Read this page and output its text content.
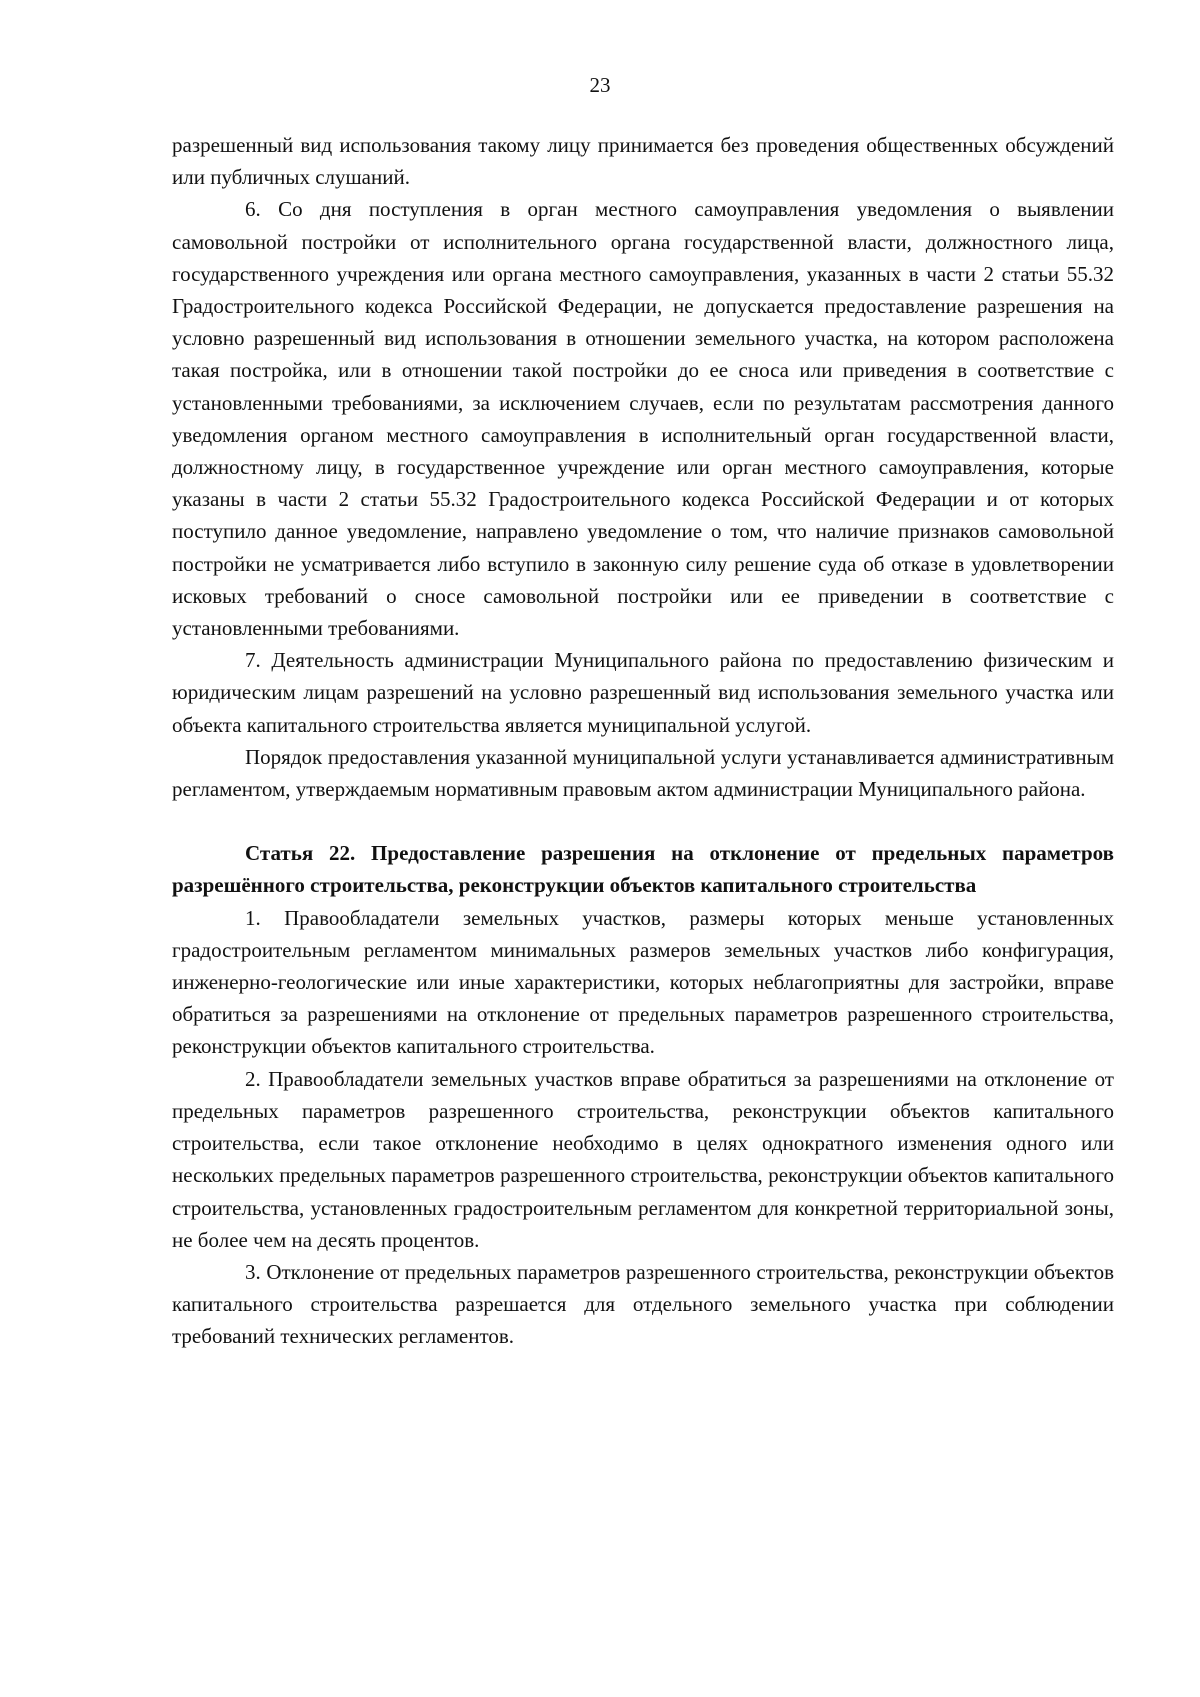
23

разрешенный вид использования такому лицу принимается без проведения общественных обсуждений или публичных слушаний.

6. Со дня поступления в орган местного самоуправления уведомления о выявлении самовольной постройки от исполнительного органа государственной власти, должностного лица, государственного учреждения или органа местного самоуправления, указанных в части 2 статьи 55.32 Градостроительного кодекса Российской Федерации, не допускается предоставление разрешения на условно разрешенный вид использования в отношении земельного участка, на котором расположена такая постройка, или в отношении такой постройки до ее сноса или приведения в соответствие с установленными требованиями, за исключением случаев, если по результатам рассмотрения данного уведомления органом местного самоуправления в исполнительный орган государственной власти, должностному лицу, в государственное учреждение или орган местного самоуправления, которые указаны в части 2 статьи 55.32 Градостроительного кодекса Российской Федерации и от которых поступило данное уведомление, направлено уведомление о том, что наличие признаков самовольной постройки не усматривается либо вступило в законную силу решение суда об отказе в удовлетворении исковых требований о сносе самовольной постройки или ее приведении в соответствие с установленными требованиями.

7. Деятельность администрации Муниципального района по предоставлению физическим и юридическим лицам разрешений на условно разрешенный вид использования земельного участка или объекта капитального строительства является муниципальной услугой.

Порядок предоставления указанной муниципальной услуги устанавливается административным регламентом, утверждаемым нормативным правовым актом администрации Муниципального района.

Статья 22. Предоставление разрешения на отклонение от предельных параметров разрешённого строительства, реконструкции объектов капитального строительства

1. Правообладатели земельных участков, размеры которых меньше установленных градостроительным регламентом минимальных размеров земельных участков либо конфигурация, инженерно-геологические или иные характеристики, которых неблагоприятны для застройки, вправе обратиться за разрешениями на отклонение от предельных параметров разрешенного строительства, реконструкции объектов капитального строительства.

2. Правообладатели земельных участков вправе обратиться за разрешениями на отклонение от предельных параметров разрешенного строительства, реконструкции объектов капитального строительства, если такое отклонение необходимо в целях однократного изменения одного или нескольких предельных параметров разрешенного строительства, реконструкции объектов капитального строительства, установленных градостроительным регламентом для конкретной территориальной зоны, не более чем на десять процентов.

3. Отклонение от предельных параметров разрешенного строительства, реконструкции объектов капитального строительства разрешается для отдельного земельного участка при соблюдении требований технических регламентов.
